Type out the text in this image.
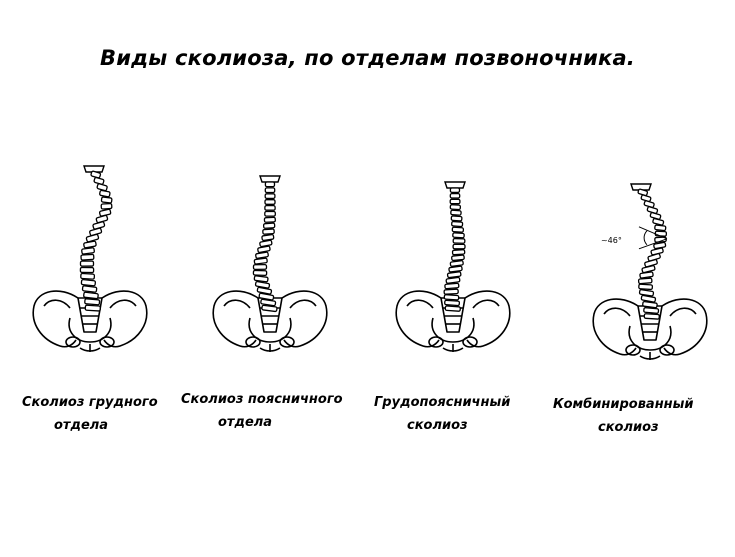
Виды сколиоза, по отделам позвоночника.
Сколиоз грудного
отдела
Сколиоз поясничного
отдела
Грудопоясничный
сколиоз
~46°
Комбинированный
сколиоз
